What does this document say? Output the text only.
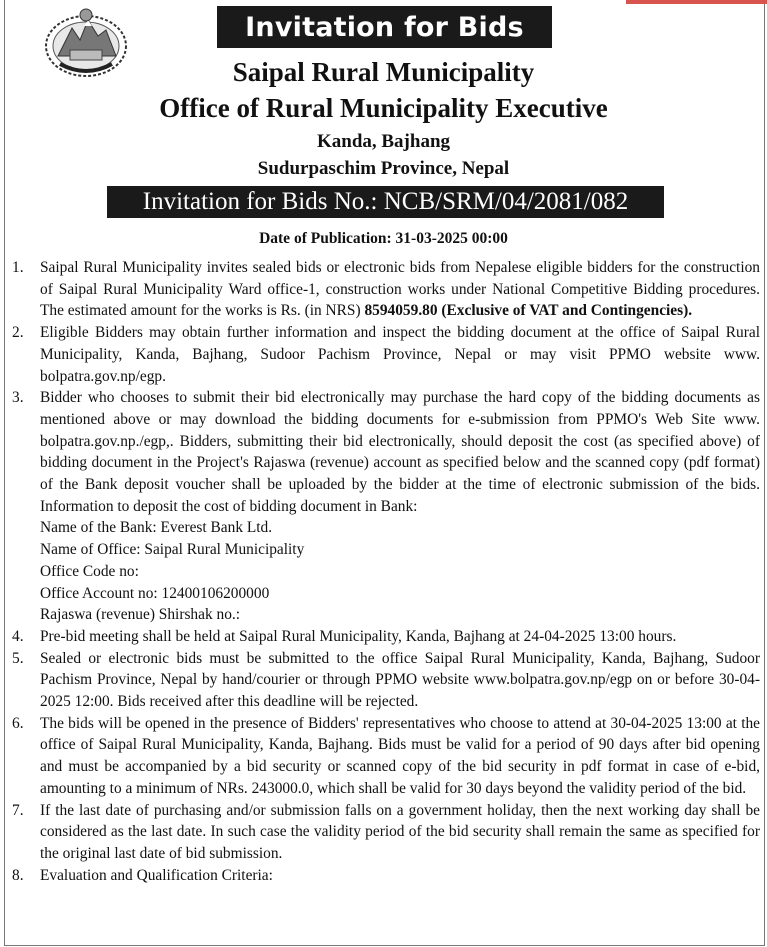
Invitation for Bids
Saipal Rural Municipality
Office of Rural Municipality Executive
Kanda, Bajhang
Sudurpaschim Province, Nepal
Invitation for Bids No.: NCB/SRM/04/2081/082
Date of Publication: 31-03-2025 00:00
1. Saipal Rural Municipality invites sealed bids or electronic bids from Nepalese eligible bidders for the construction of Saipal Rural Municipality Ward office-1, construction works under National Competitive Bidding procedures. The estimated amount for the works is Rs. (in NRS) 8594059.80 (Exclusive of VAT and Contingencies).
2. Eligible Bidders may obtain further information and inspect the bidding document at the office of Saipal Rural Municipality, Kanda, Bajhang, Sudoor Pachism Province, Nepal or may visit PPMO website www. bolpatra.gov.np/egp.
3. Bidder who chooses to submit their bid electronically may purchase the hard copy of the bidding documents as mentioned above or may download the bidding documents for e-submission from PPMO's Web Site www. bolpatra.gov.np./egp,. Bidders, submitting their bid electronically, should deposit the cost (as specified above) of bidding document in the Project's Rajaswa (revenue) account as specified below and the scanned copy (pdf format) of the Bank deposit voucher shall be uploaded by the bidder at the time of electronic submission of the bids. Information to deposit the cost of bidding document in Bank:
Name of the Bank: Everest Bank Ltd.
Name of Office: Saipal Rural Municipality
Office Code no:
Office Account no: 12400106200000
Rajaswa (revenue) Shirshak no.:
4. Pre-bid meeting shall be held at Saipal Rural Municipality, Kanda, Bajhang at 24-04-2025 13:00 hours.
5. Sealed or electronic bids must be submitted to the office Saipal Rural Municipality, Kanda, Bajhang, Sudoor Pachism Province, Nepal by hand/courier or through PPMO website www.bolpatra.gov.np/egp on or before 30-04- 2025 12:00. Bids received after this deadline will be rejected.
6. The bids will be opened in the presence of Bidders' representatives who choose to attend at 30-04-2025 13:00 at the office of Saipal Rural Municipality, Kanda, Bajhang. Bids must be valid for a period of 90 days after bid opening and must be accompanied by a bid security or scanned copy of the bid security in pdf format in case of e-bid, amounting to a minimum of NRs. 243000.0, which shall be valid for 30 days beyond the validity period of the bid.
7. If the last date of purchasing and/or submission falls on a government holiday, then the next working day shall be considered as the last date. In such case the validity period of the bid security shall remain the same as specified for the original last date of bid submission.
8. Evaluation and Qualification Criteria:
